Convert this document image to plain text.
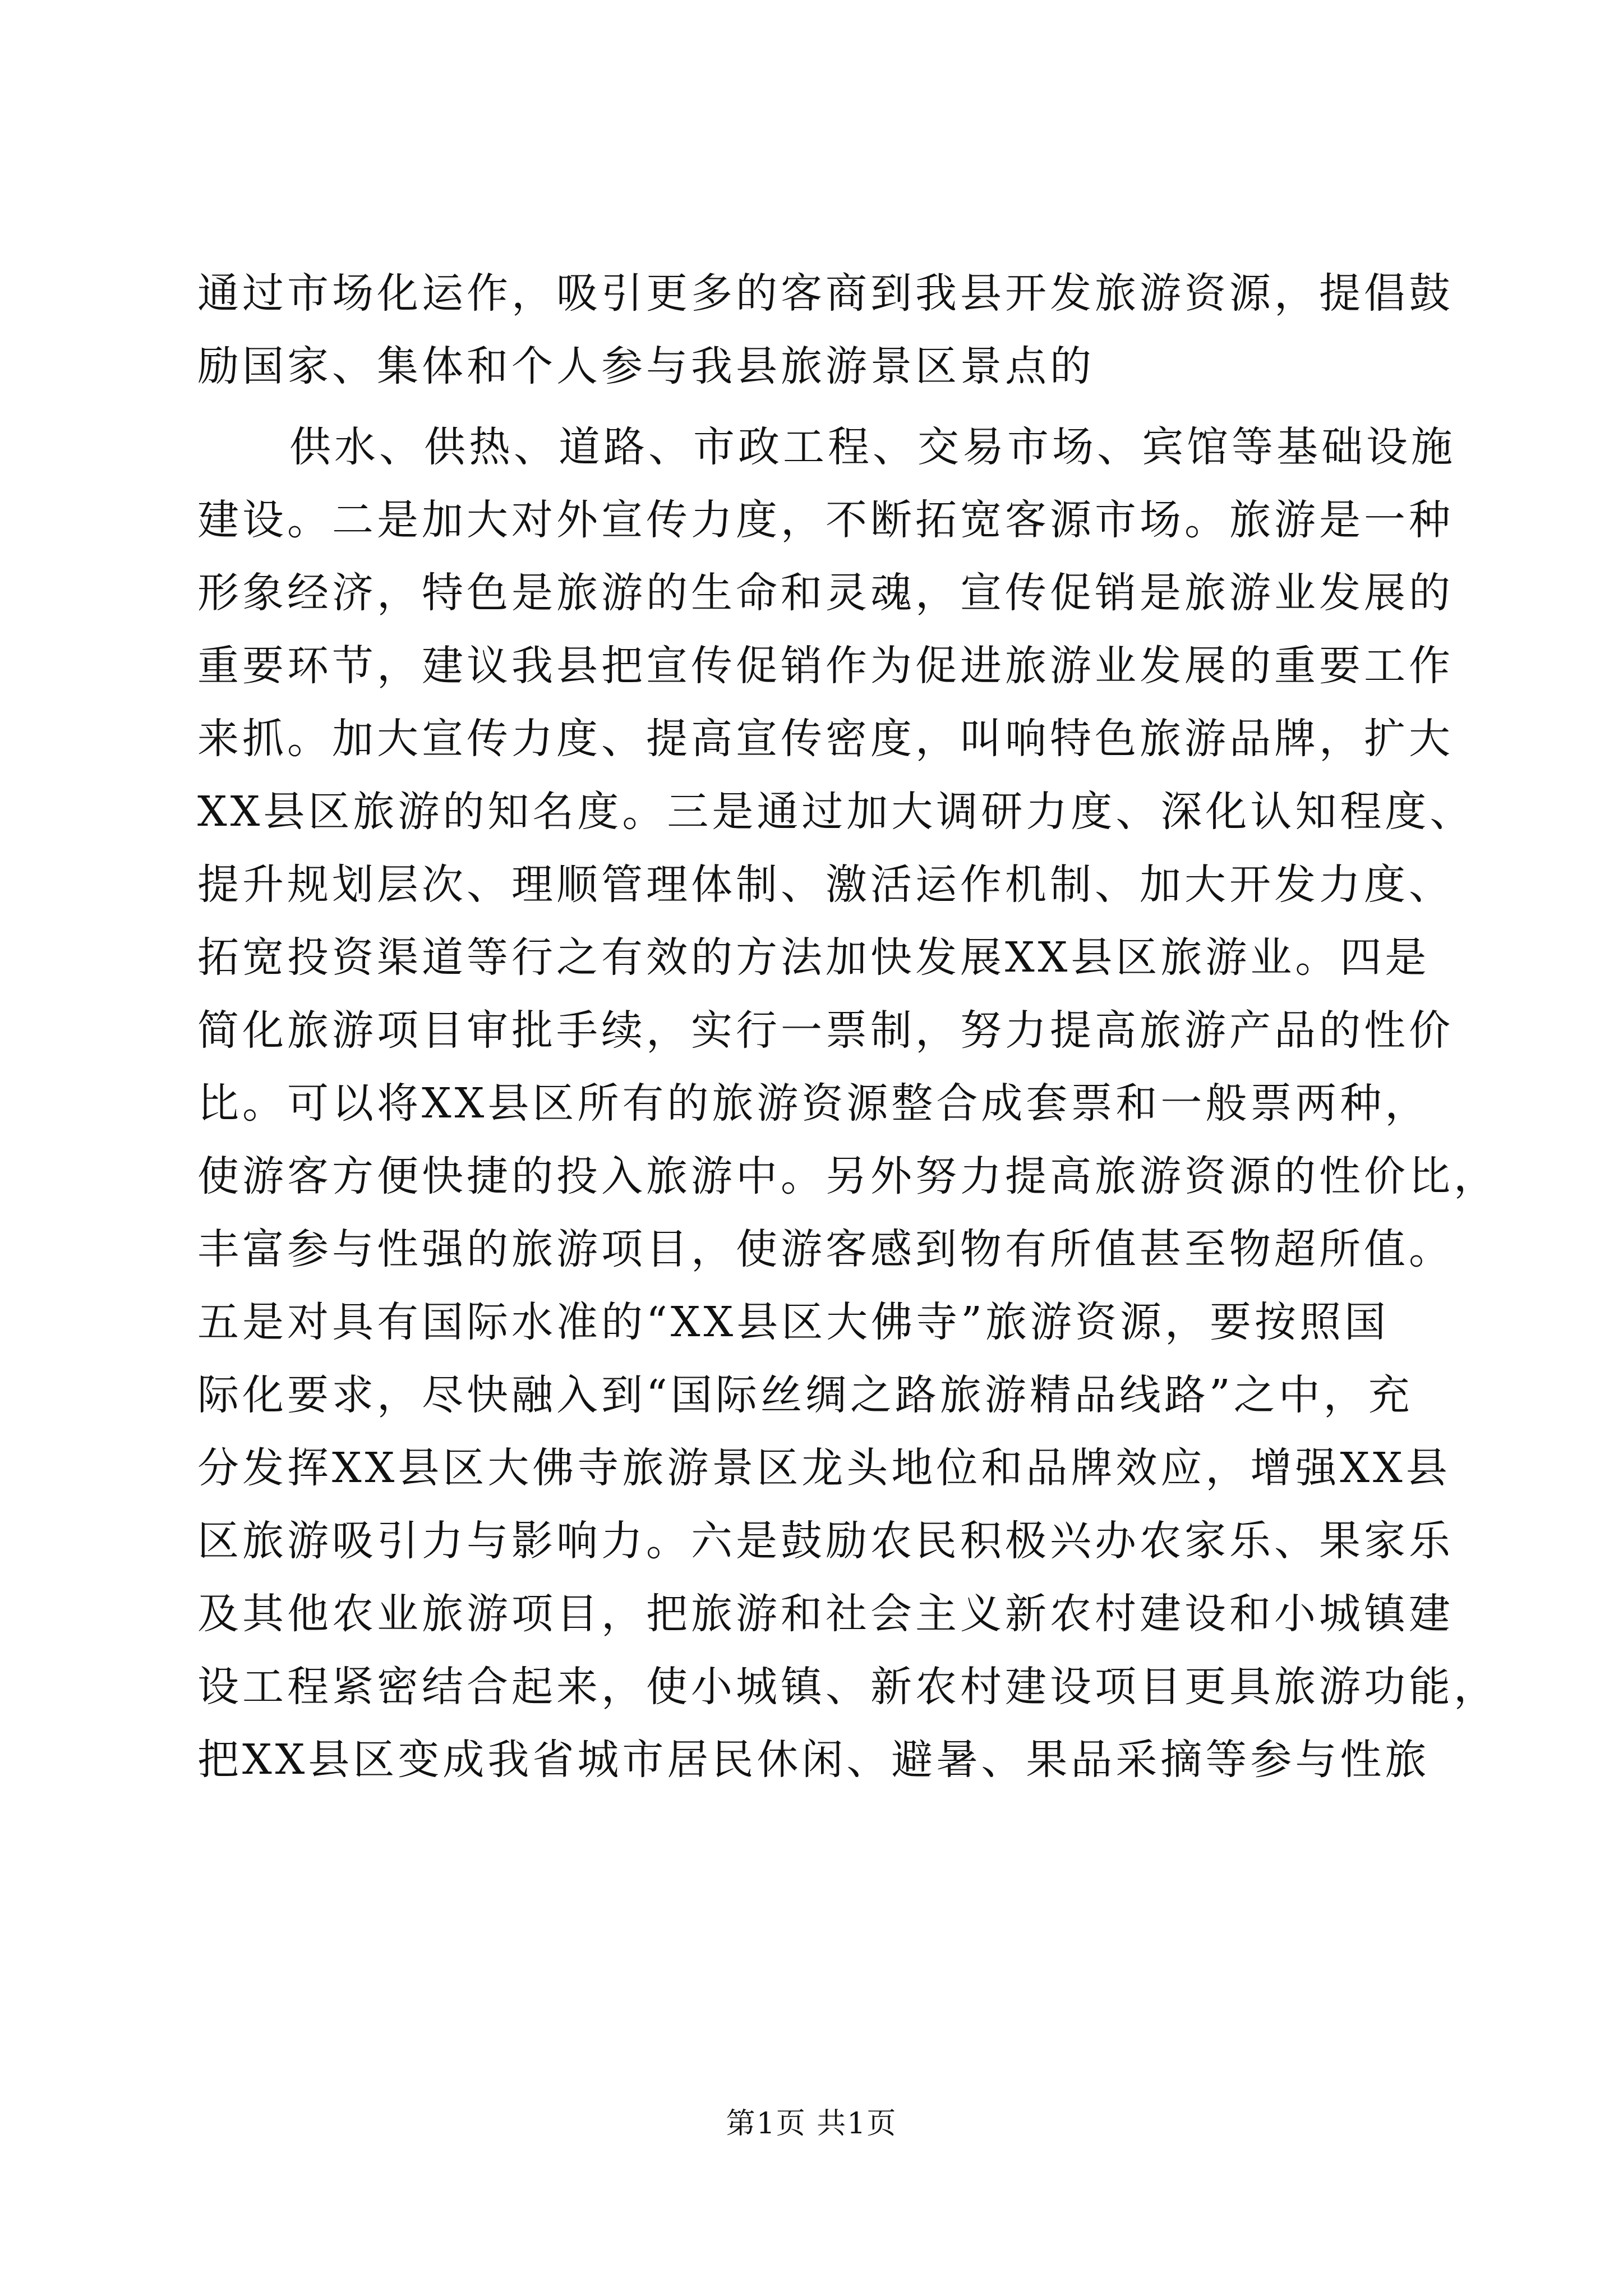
通过市场化运作，吸引更多的客商到我县开发旅游资源，提倡鼓
励国家、集体和个人参与我县旅游景区景点的
供水、供热、道路、市政工程、交易市场、宾馆等基础设施
建设。二是加大对外宣传力度，不断拓宽客源市场。旅游是一种
形象经济，特色是旅游的生命和灵魂，宣传促销是旅游业发展的
重要环节，建议我县把宣传促销作为促进旅游业发展的重要工作
来抓。加大宣传力度、提高宣传密度，叫响特色旅游品牌，扩大
XX县区旅游的知名度。三是通过加大调研力度、深化认知程度、
提升规划层次、理顺管理体制、激活运作机制、加大开发力度、
拓宽投资渠道等行之有效的方法加快发展XX县区旅游业。四是
简化旅游项目审批手续，实行一票制，努力提高旅游产品的性价
比。可以将XX县区所有的旅游资源整合成套票和一般票两种，
使游客方便快捷的投入旅游中。另外努力提高旅游资源的性价比，
丰富参与性强的旅游项目，使游客感到物有所值甚至物超所值。
五是对具有国际水准的“XX县区大佛寺”旅游资源，要按照国
际化要求，尽快融入到“国际丝绸之路旅游精品线路”之中，充
分发挥XX县区大佛寺旅游景区龙头地位和品牌效应，增强XX县
区旅游吸引力与影响力。六是鼓励农民积极兴办农家乐、果家乐
及其他农业旅游项目，把旅游和社会主义新农村建设和小城镇建
设工程紧密结合起来，使小城镇、新农村建设项目更具旅游功能，
把XX县区变成我省城市居民休闲、避暑、果品采摘等参与性旅
第1页 共1页
